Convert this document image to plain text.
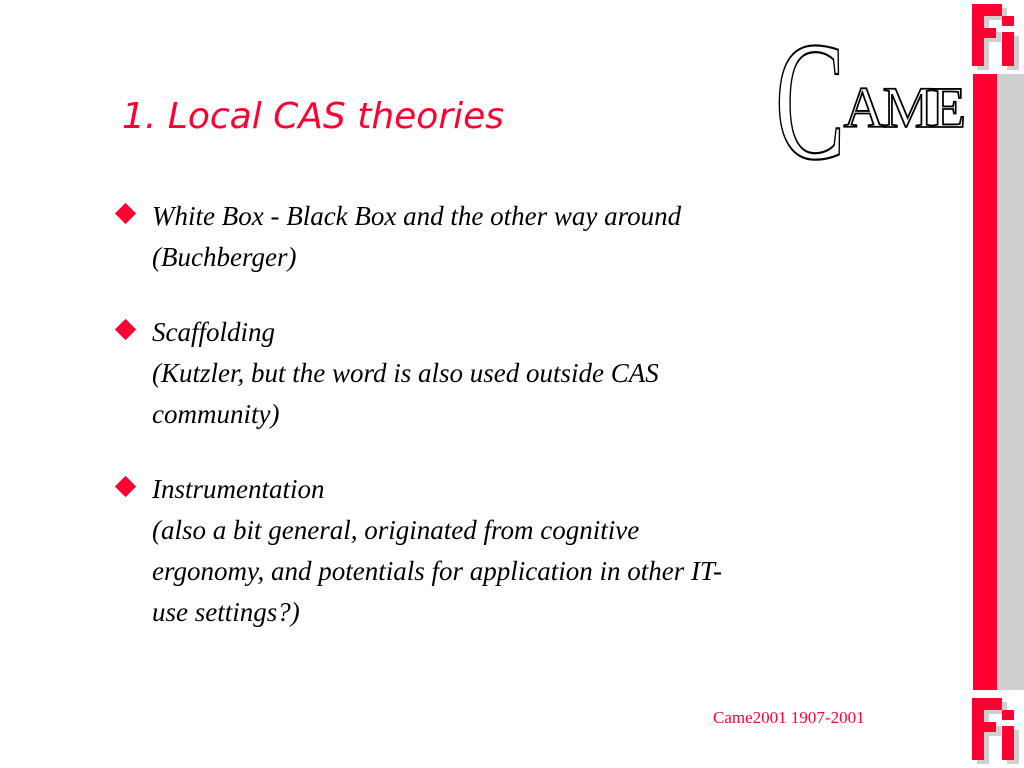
1. Local CAS theories
White Box - Black Box and the other way around
(Buchberger)
Scaffolding
(Kutzler, but the word is also used outside CAS
community)
Instrumentation
(also a bit general, originated from cognitive
ergonomy, and potentials for application in other IT-
use settings?)
Came2001 1907-2001
C
AME
